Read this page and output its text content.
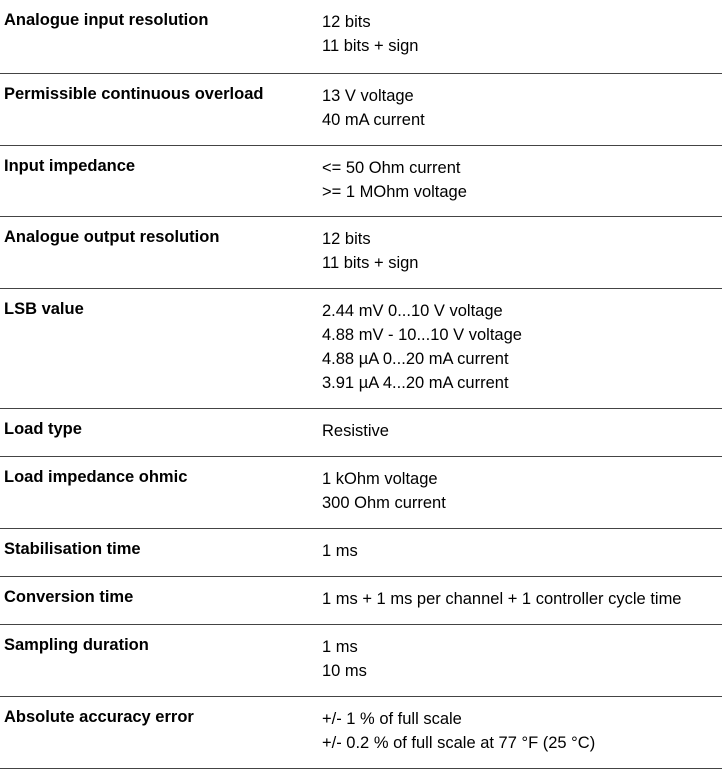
Analogue input resolution	12 bits
11 bits + sign
Permissible continuous overload	13 V voltage
40 mA current
Input impedance	<= 50 Ohm current
>= 1 MOhm voltage
Analogue output resolution	12 bits
11 bits + sign
LSB value	2.44 mV 0...10 V voltage
4.88 mV - 10...10 V voltage
4.88 µA 0...20 mA current
3.91 µA 4...20 mA current
Load type	Resistive
Load impedance ohmic	1 kOhm voltage
300 Ohm current
Stabilisation time	1 ms
Conversion time	1 ms + 1 ms per channel + 1 controller cycle time
Sampling duration	1 ms
10 ms
Absolute accuracy error	+/- 1 % of full scale
+/- 0.2 % of full scale at 77 °F (25 °C)
